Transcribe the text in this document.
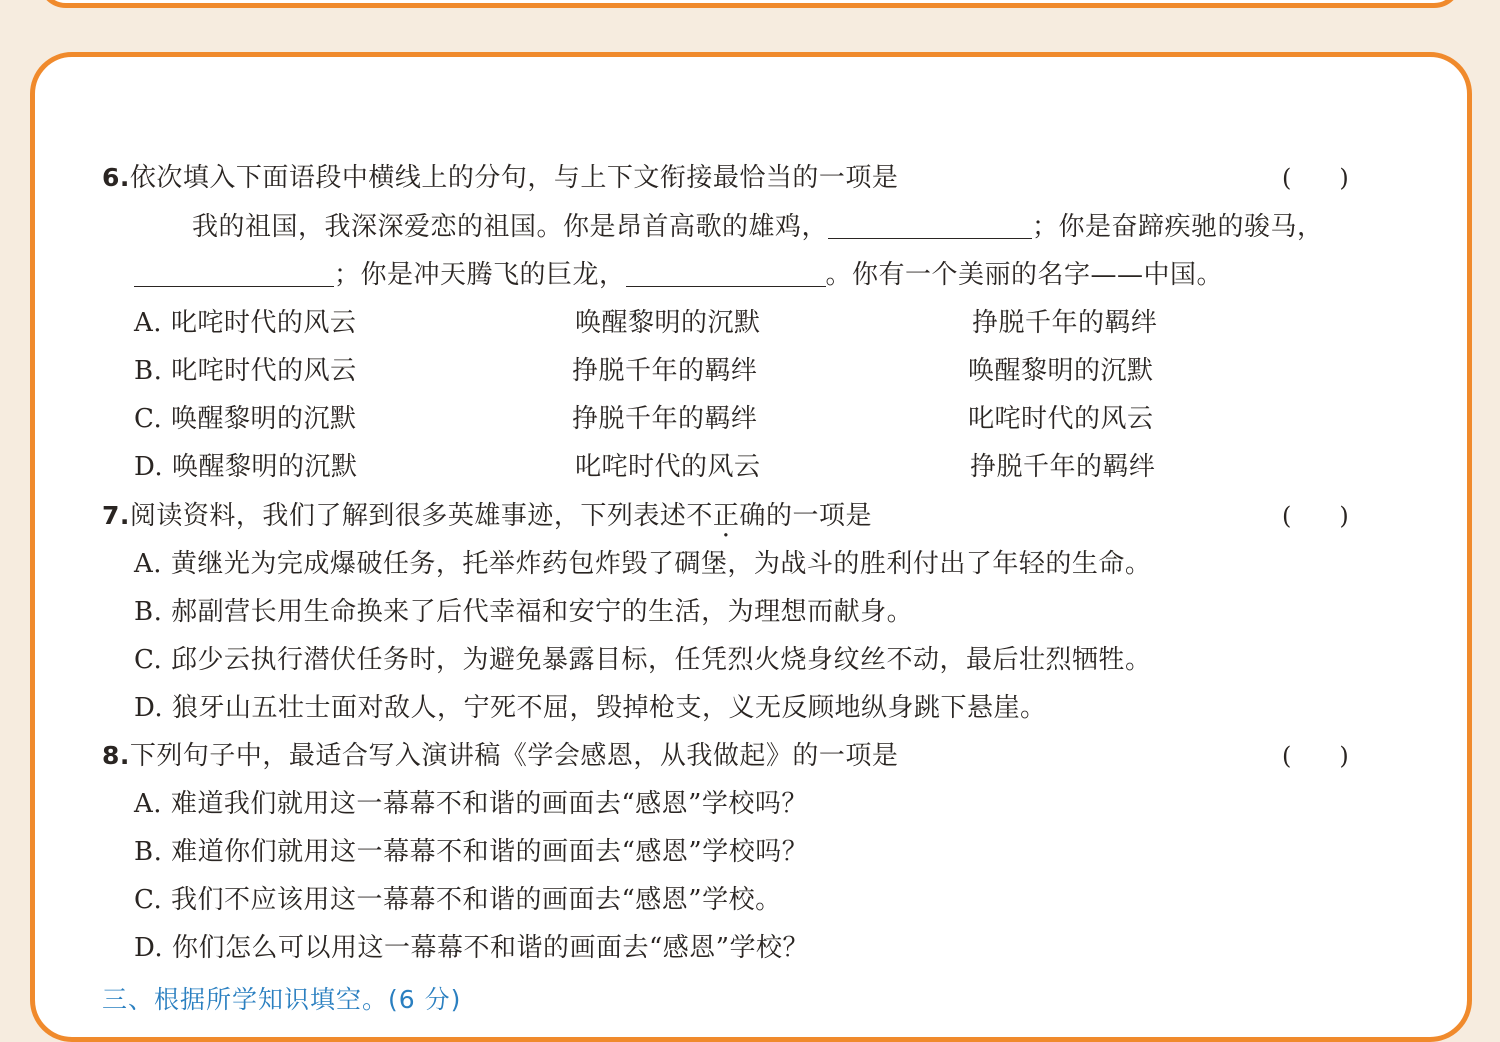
6.依次填入下面语段中横线上的分句，与上下文衔接最恰当的一项是	( )
我的祖国，我深深爱恋的祖国。你是昂首高歌的雄鸡，	；你是奋蹄疾驰的骏马，
；你是冲天腾飞的巨龙，	。你有一个美丽的名字——中国。
A. 叱咤时代的风云	唤醒黎明的沉默	挣脱千年的羁绊
B. 叱咤时代的风云	挣脱千年的羁绊	唤醒黎明的沉默
C. 唤醒黎明的沉默	挣脱千年的羁绊	叱咤时代的风云
D. 唤醒黎明的沉默	叱咤时代的风云	挣脱千年的羁绊
7.阅读资料，我们了解到很多英雄事迹，下列表述不正确的一项是	( )
A. 黄继光为完成爆破任务，托举炸药包炸毁了碉堡，为战斗的胜利付出了年轻的生命。
B. 郝副营长用生命换来了后代幸福和安宁的生活，为理想而献身。
C. 邱少云执行潜伏任务时，为避免暴露目标，任凭烈火烧身纹丝不动，最后壮烈牺牲。
D. 狼牙山五壮士面对敌人，宁死不屈，毁掉枪支，义无反顾地纵身跳下悬崖。
8.下列句子中，最适合写入演讲稿《学会感恩，从我做起》的一项是	( )
A. 难道我们就用这一幕幕不和谐的画面去“感恩”学校吗？
B. 难道你们就用这一幕幕不和谐的画面去“感恩”学校吗？
C. 我们不应该用这一幕幕不和谐的画面去“感恩”学校。
D. 你们怎么可以用这一幕幕不和谐的画面去“感恩”学校？
三、根据所学知识填空。(6 分)
